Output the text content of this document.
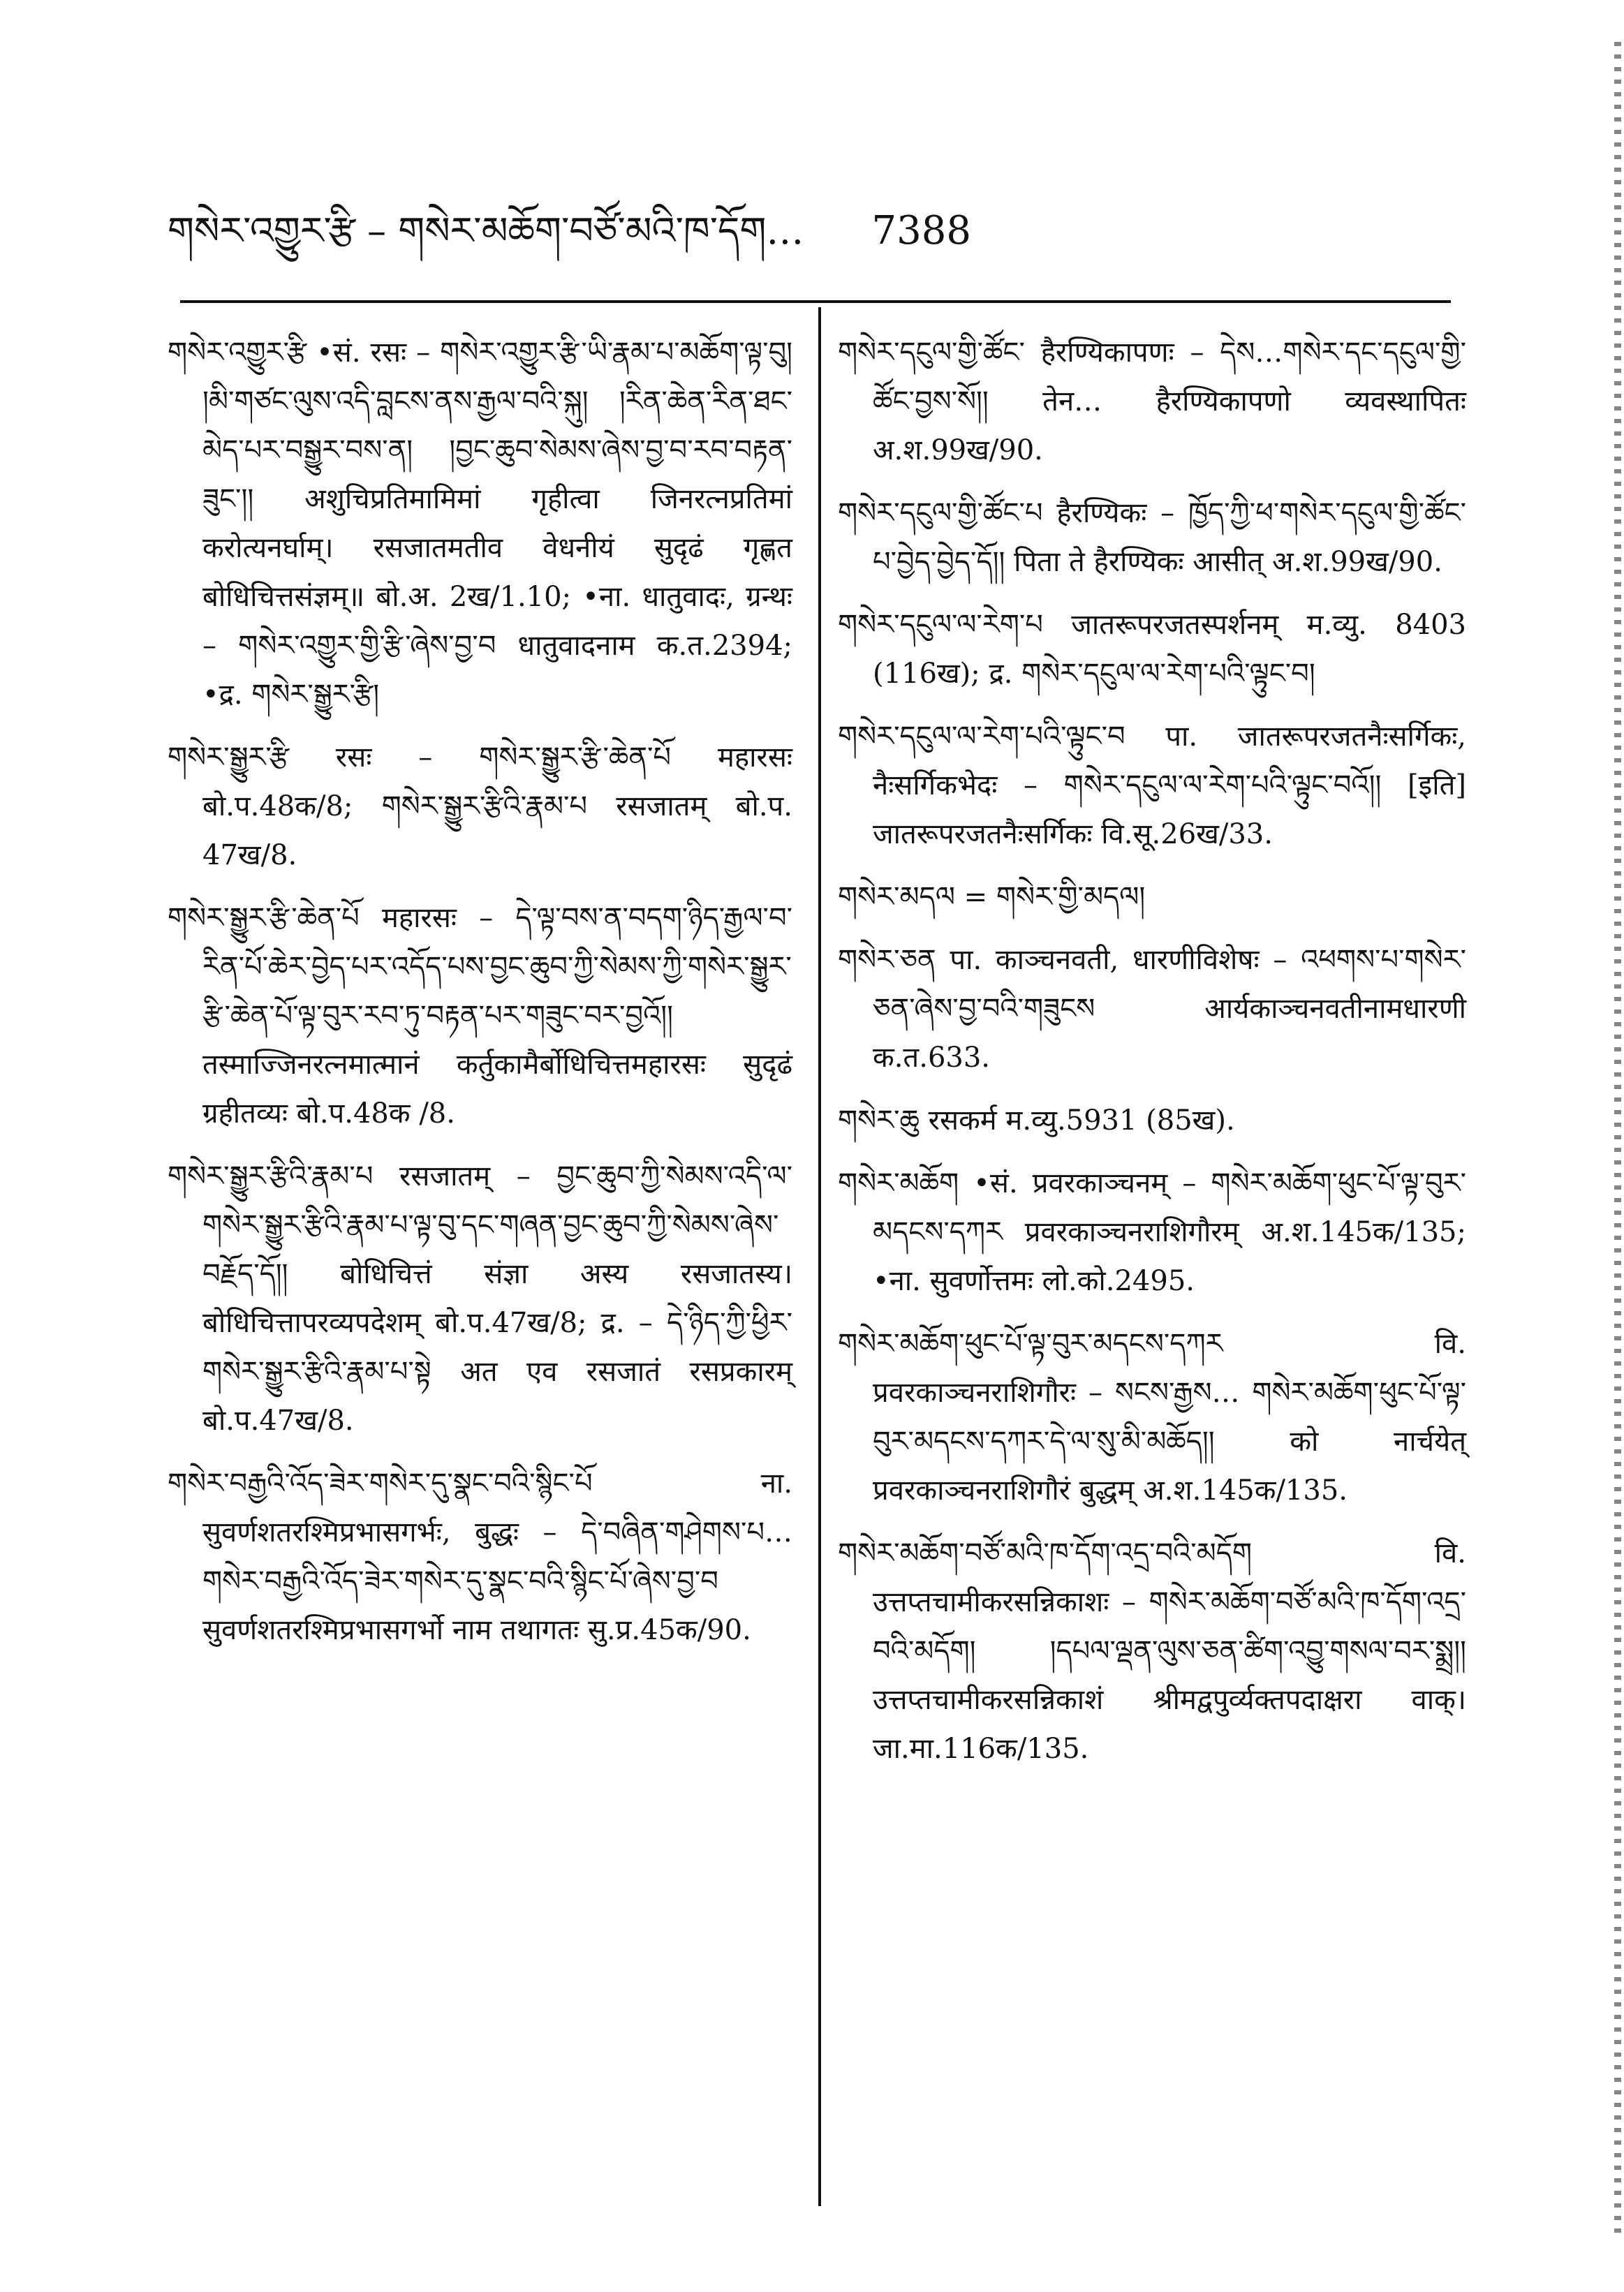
གསེར་འགྱུར་རྩི – གསེར་མཆོག་བཙོ་མའི་ཁ་དོག… 7388

གསེར་འགྱུར་རྩི •सं. रसः – གསེར་འགྱུར་རྩི་ཡི་རྣམ་པ་མཆོག་ལྟ་བུ། །མི་གཙང་ལུས་འདི་བླངས་ནས་རྒྱལ་བའི་སྐུ། །རིན་ཆེན་རིན་ཐང་མེད་པར་བསྒྱུར་བས་ན། །བྱང་ཆུབ་སེམས་ཞེས་བྱ་བ་རབ་བརྟན་ཟུང་།། अशुचिप्रतिमामिमां गृहीत्वा जिनरत्नप्रतिमां करोत्यनर्घाम्। रसजातमतीव वेधनीयं सुदृढं गृह्णत बोधिचित्तसंज्ञम्॥ बो.अ. 2ख/1.10; •ना. धातुवादः, ग्रन्थः – གསེར་འགྱུར་གྱི་རྩི་ཞེས་བྱ་བ धातुवादनाम क.त.2394; •द्र. གསེར་སྒྱུར་རྩི།

གསེར་སྒྱུར་རྩི रसः – གསེར་སྒྱུར་རྩི་ཆེན་པོ महारसः बो.प.48क/8; གསེར་སྒྱུར་རྩིའི་རྣམ་པ रसजातम् बो.प. 47ख/8.

གསེར་སྒྱུར་རྩི་ཆེན་པོ महारसः – དེ་ལྟ་བས་ན་བདག་ཉིད་རྒྱལ་བ་རིན་པོ་ཆེར་བྱེད་པར་འདོད་པས་བྱང་ཆུབ་ཀྱི་སེམས་ཀྱི་གསེར་སྒྱུར་རྩི་ཆེན་པོ་ལྟ་བུར་རབ་ཏུ་བརྟན་པར་གཟུང་བར་བྱའོ།། तस्माज्जिनरत्नमात्मानं कर्तुकामैर्बोधिचित्तमहारसः सुदृढं ग्रहीतव्यः बो.प.48क /8.

གསེར་སྒྱུར་རྩིའི་རྣམ་པ रसजातम् – བྱང་ཆུབ་ཀྱི་སེམས་འདི་ལ་གསེར་སྒྱུར་རྩིའི་རྣམ་པ་ལྟ་བུ་དང་གཞན་བྱང་ཆུབ་ཀྱི་སེམས་ཞེས་བརྗོད་དོ།། बोधिचित्तं संज्ञा अस्य रसजातस्य। बोधिचित्तापरव्यपदेशम् बो.प.47ख/8; द्र. – དེ་ཉིད་ཀྱི་ཕྱིར་གསེར་སྒྱུར་རྩིའི་རྣམ་པ་སྟེ अत एव रसजातं रसप्रकारम् बो.प.47ख/8.

གསེར་བརྒྱའི་འོད་ཟེར་གསེར་དུ་སྣང་བའི་སྙིང་པོ ना. सुवर्णशतरश्मिप्रभासगर्भः, बुद्धः – དེ་བཞིན་གཤེགས་པ… གསེར་བརྒྱའི་འོད་ཟེར་གསེར་དུ་སྣང་བའི་སྙིང་པོ་ཞེས་བྱ་བ सुवर्णशतरश्मिप्रभासगर्भो नाम तथागतः सु.प्र.45क/90.

གསེར་དངུལ་གྱི་ཚོང་ हैरण्यिकापणः – དེས…གསེར་དང་དངུལ་གྱི་ཚོང་བྱས་སོ།། तेन… हैरण्यिकापणो व्यवस्थापितः अ.श.99ख/90.

གསེར་དངུལ་གྱི་ཚོང་པ हैरण्यिकः – ཁྱོད་ཀྱི་ཕ་གསེར་དངུལ་གྱི་ཚོང་པ་བྱེད་བྱེད་དོ།། पिता ते हैरण्यिकः आसीत् अ.श.99ख/90.

གསེར་དངུལ་ལ་རེག་པ जातरूपरजतस्पर्शनम् म.व्यु. 8403 (116ख); द्र. གསེར་དངུལ་ལ་རེག་པའི་ལྟུང་བ།

གསེར་དངུལ་ལ་རེག་པའི་ལྟུང་བ पा. जातरूपरजतनैःसर्गिकः, नैःसर्गिकभेदः – གསེར་དངུལ་ལ་རེག་པའི་ལྟུང་བའོ།། [इति] जातरूपरजतनैःसर्गिकः वि.सू.26ख/33.

གསེར་མདལ = གསེར་གྱི་མདལ།

གསེར་ཅན पा. काञ्चनवती, धारणीविशेषः – འཕགས་པ་གསེར་ཅན་ཞེས་བྱ་བའི་གཟུངས आर्यकाञ्चनवतीनामधारणी क.त.633.

གསེར་ཆུ रसकर्म म.व्यु.5931 (85ख).

གསེར་མཆོག •सं. प्रवरकाञ्चनम् – གསེར་མཆོག་ཕུང་པོ་ལྟ་བུར་མདངས་དཀར प्रवरकाञ्चनराशिगौरम् अ.श.145क/135; •ना. सुवर्णोत्तमः लो.को.2495.

གསེར་མཆོག་ཕུང་པོ་ལྟ་བུར་མདངས་དཀར वि. प्रवरकाञ्चनराशिगौरः – སངས་རྒྱས… གསེར་མཆོག་ཕུང་པོ་ལྟ་བུར་མདངས་དཀར་དེ་ལ་སུ་མི་མཆོད།། को नार्चयेत् प्रवरकाञ्चनराशिगौरं बुद्धम् अ.श.145क/135.

གསེར་མཆོག་བཙོ་མའི་ཁ་དོག་འདྲ་བའི་མདོག वि. उत्तप्तचामीकरसन्निकाशः – གསེར་མཆོག་བཙོ་མའི་ཁ་དོག་འདྲ་བའི་མདོག། །དཔལ་ལྡན་ལུས་ཅན་ཚིག་འབྱུ་གསལ་བར་སྨྲ།། उत्तप्तचामीकरसन्निकाशं श्रीमद्वपुर्व्यक्तपदाक्षरा वाक्। जा.मा.116क/135.
